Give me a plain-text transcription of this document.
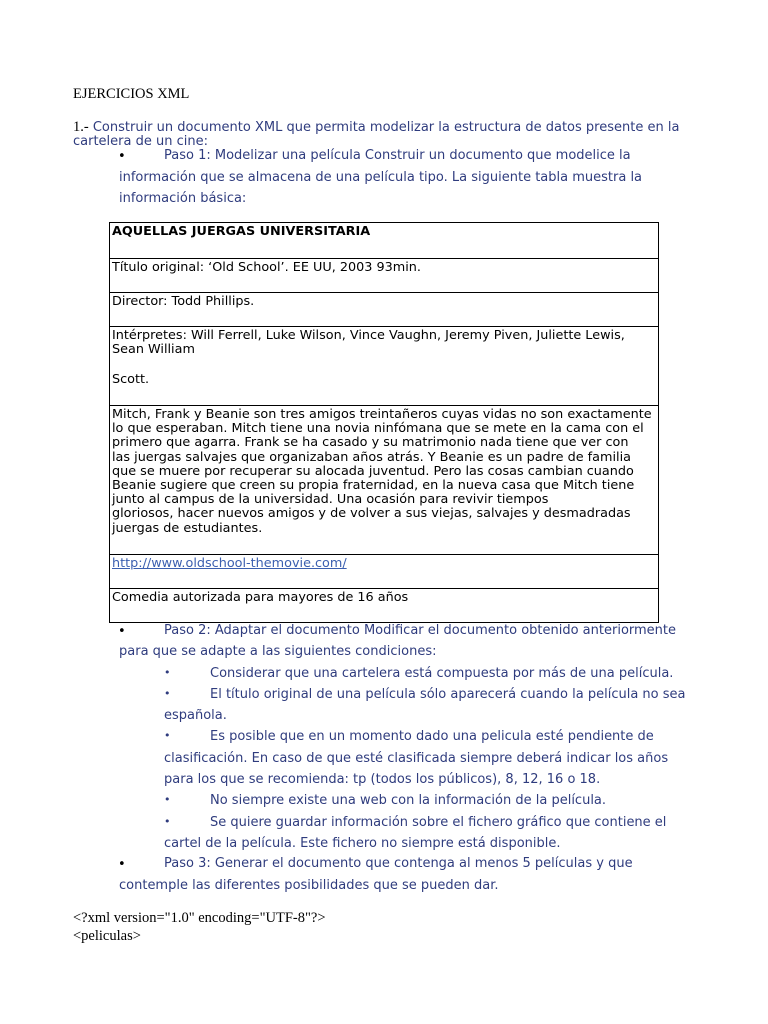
EJERCICIOS XML
1.- Construir un documento XML que permita modelizar la estructura de datos presente en la cartelera de un cine:
•	Paso 1: Modelizar una película Construir un documento que modelice la
información que se almacena de una película tipo. La siguiente tabla muestra la
información básica:
AQUELLAS JUERGAS UNIVERSITARIA
Título original: ‘Old School’. EE UU, 2003 93min.
Director: Todd Phillips.

Intérpretes: Will Ferrell, Luke Wilson, Vince Vaughn, Jeremy Piven, Juliette Lewis, Sean William
Scott.

Mitch, Frank y Beanie son tres amigos treintañeros cuyas vidas no son exactamente
lo que esperaban. Mitch tiene una novia ninfómana que se mete en la cama con el
primero que agarra. Frank se ha casado y su matrimonio nada tiene que ver con
las juergas salvajes que organizaban años atrás. Y Beanie es un padre de familia
que se muere por recuperar su alocada juventud. Pero las cosas cambian cuando
Beanie sugiere que creen su propia fraternidad, en la nueva casa que Mitch tiene
junto al campus de la universidad. Una ocasión para revivir tiempos
gloriosos, hacer nuevos amigos y de volver a sus viejas, salvajes y desmadradas
juergas de estudiantes.

http://www.oldschool-themovie.com/
Comedia autorizada para mayores de 16 años
•	Paso 2: Adaptar el documento Modificar el documento obtenido anteriormente
para que se adapte a las siguientes condiciones:
•	Considerar que una cartelera está compuesta por más de una película.
•	El título original de una película sólo aparecerá cuando la película no sea
española.
•	Es posible que en un momento dado una pelicula esté pendiente de
clasificación. En caso de que esté clasificada siempre deberá indicar los años
para los que se recomienda: tp (todos los públicos), 8, 12, 16 o 18.
•	No siempre existe una web con la información de la película.
•	Se quiere guardar información sobre el fichero gráfico que contiene el
cartel de la película. Este fichero no siempre está disponible.
•	Paso 3: Generar el documento que contenga al menos 5 películas y que
contemple las diferentes posibilidades que se pueden dar.
<?xml version="1.0" encoding="UTF-8"?>
<peliculas>
